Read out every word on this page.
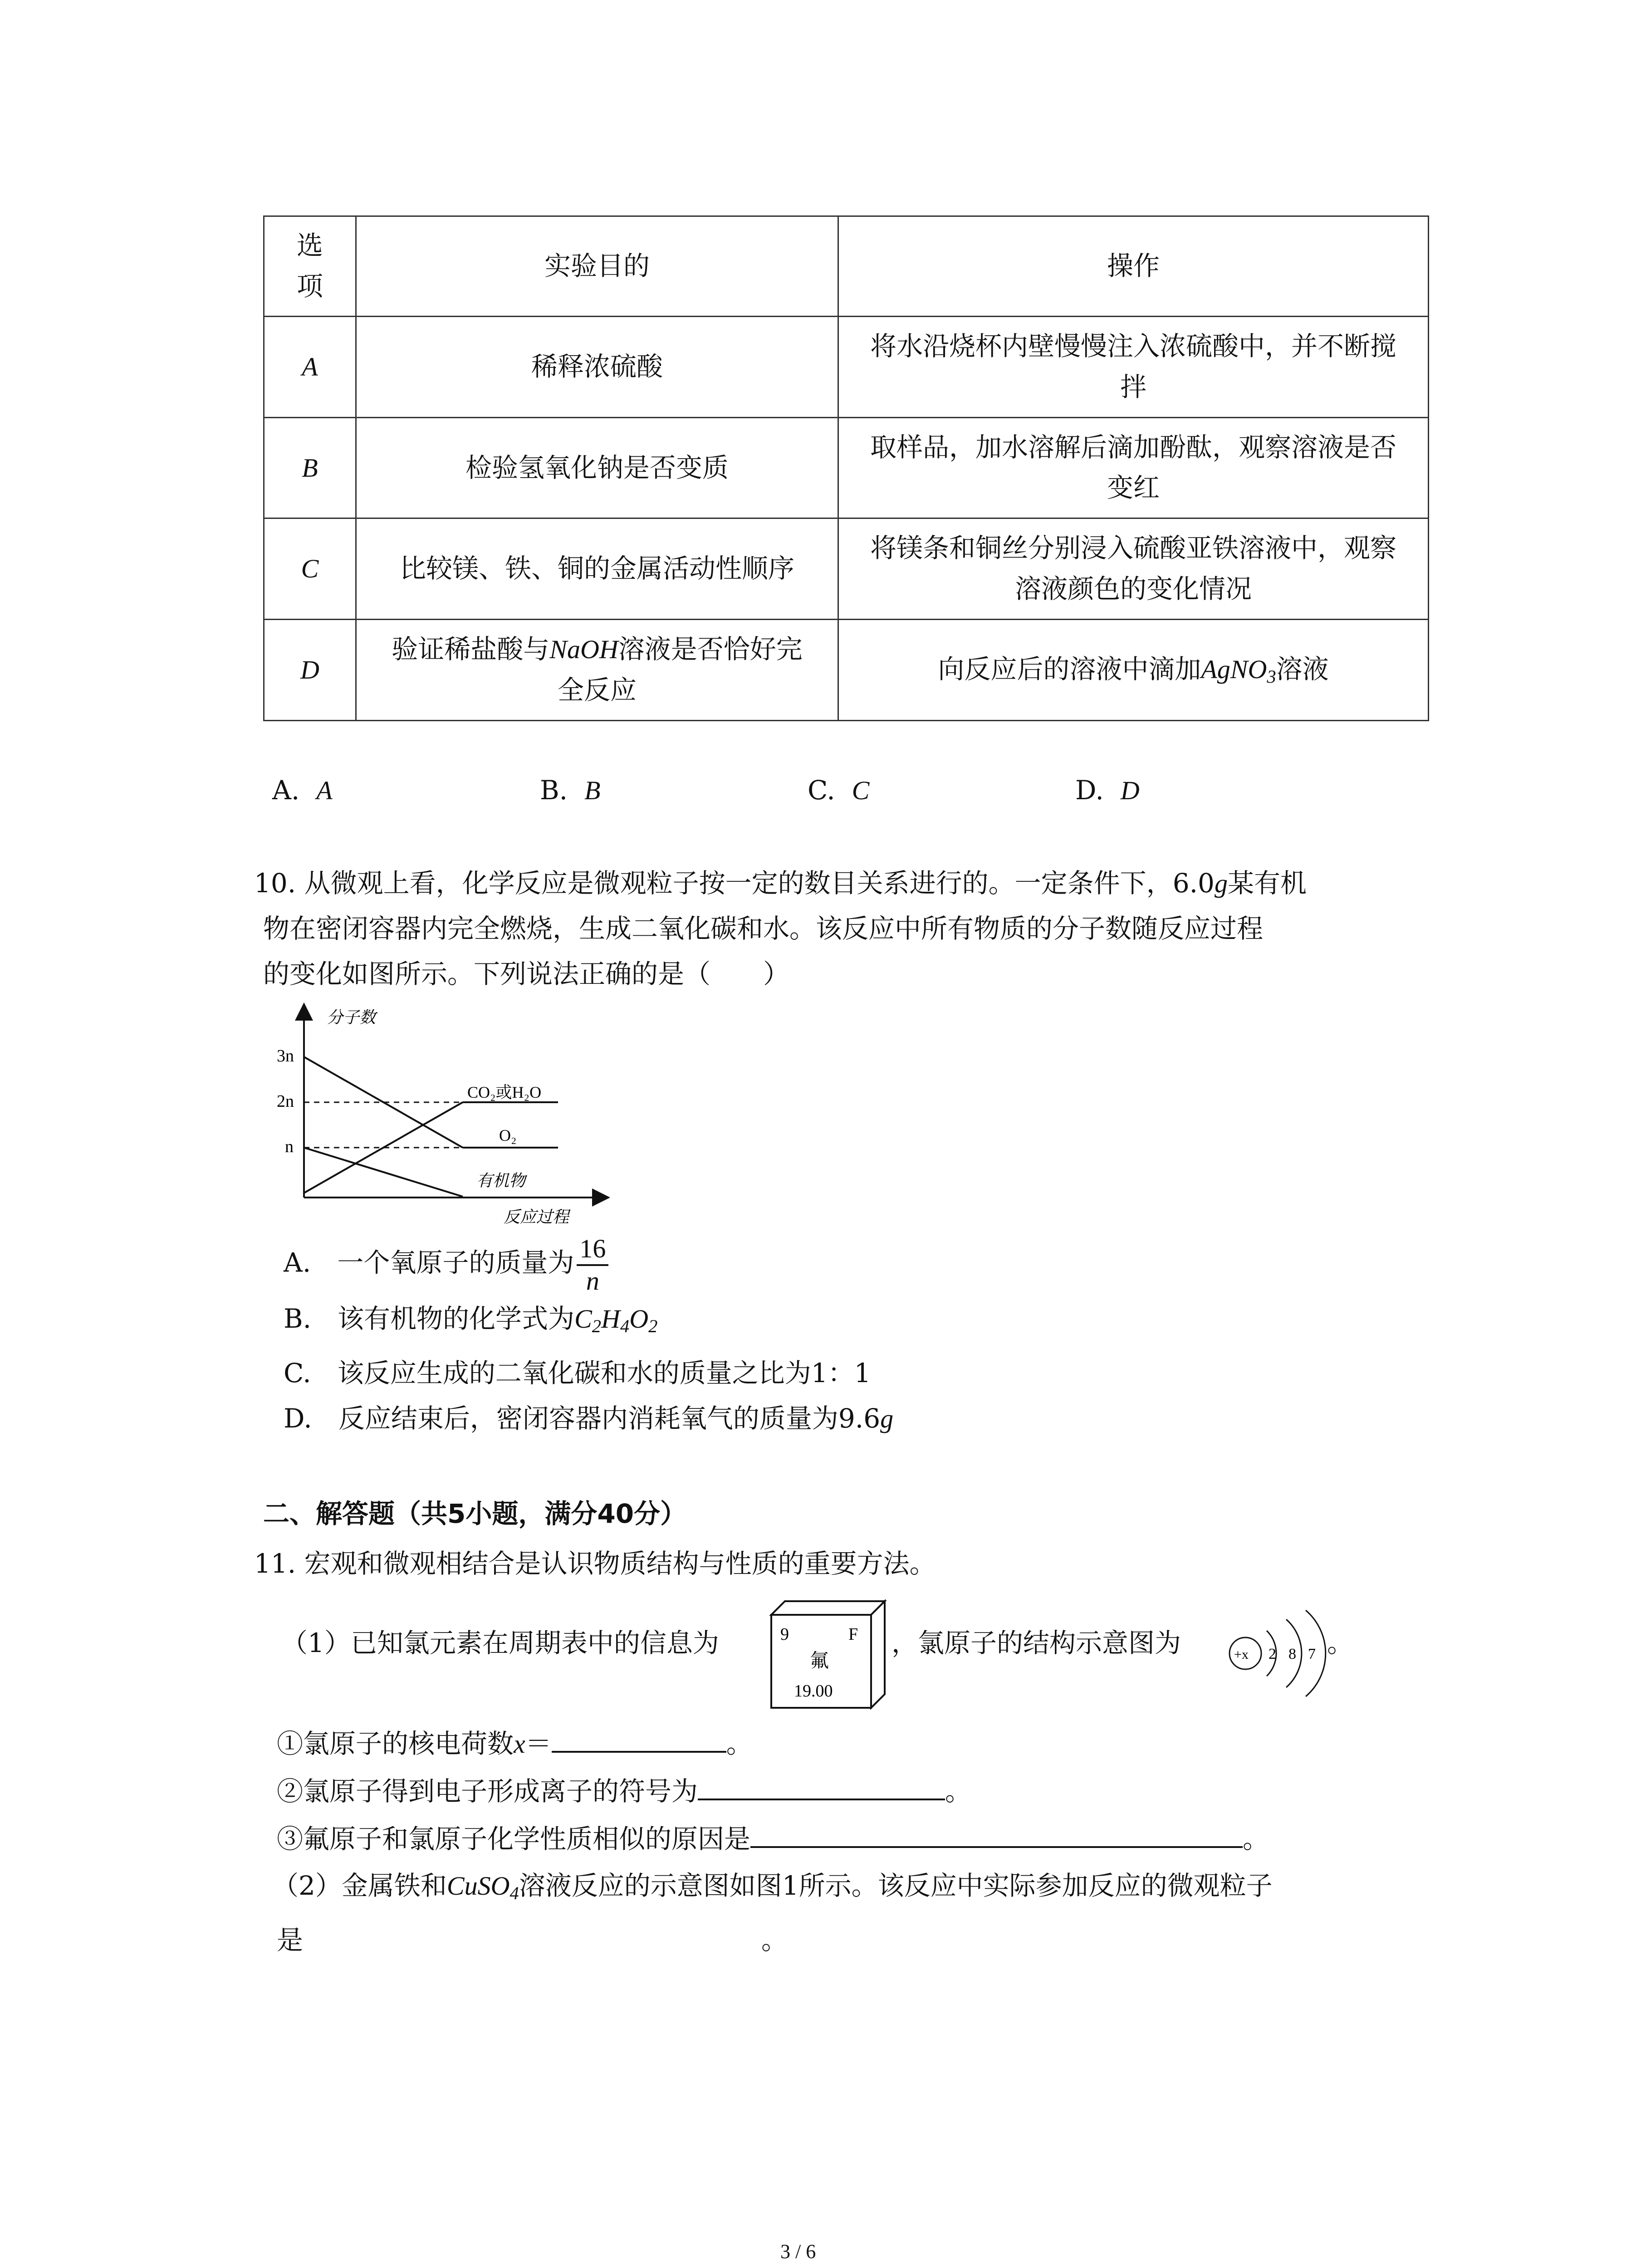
选
项	实验目的	操作
A	稀释浓硫酸	将水沿烧杯内壁慢慢注入浓硫酸中，并不断搅拌
B	检验氢氧化钠是否变质	取样品，加水溶解后滴加酚酞，观察溶液是否变红
C	比较镁、铁、铜的金属活动性顺序	将镁条和铜丝分别浸入硫酸亚铁溶液中，观察溶液颜色的变化情况
D	验证稀盐酸与NaOH溶液是否恰好完全反应	向反应后的溶液中滴加AgNO$_3$溶液
A. A	B. B	C. C	D. D
10. 从微观上看，化学反应是微观粒子按一定的数目关系进行的。一定条件下，6.0g某有机
物在密闭容器内完全燃烧，生成二氧化碳和水。该反应中所有物质的分子数随反应过程
的变化如图所示。下列说法正确的是（　　）
分子数
反应过程
3n
2n
n
CO₂或H₂O
O₂
有机物
A.　一个氧原子的质量为 $\frac{16}{n}$
B.　该有机物的化学式为$C_2H_4O_2$
C.　该反应生成的二氧化碳和水的质量之比为1：1
D.　反应结束后，密闭容器内消耗氧气的质量为9.6g
二、解答题（共5小题，满分40分）
11. 宏观和微观相结合是认识物质结构与性质的重要方法。
（1）已知氯元素在周期表中的信息为	9	F
氟
19.00
，氯原子的结构示意图为	+x 2 8 7 。
①氯原子的核电荷数x＝	。
②氯原子得到电子形成离子的符号为	。
③氟原子和氯原子化学性质相似的原因是	。
（2）金属铁和CuSO$_4$溶液反应的示意图如图1所示。该反应中实际参加反应的微观粒子
是	。
3 / 6
